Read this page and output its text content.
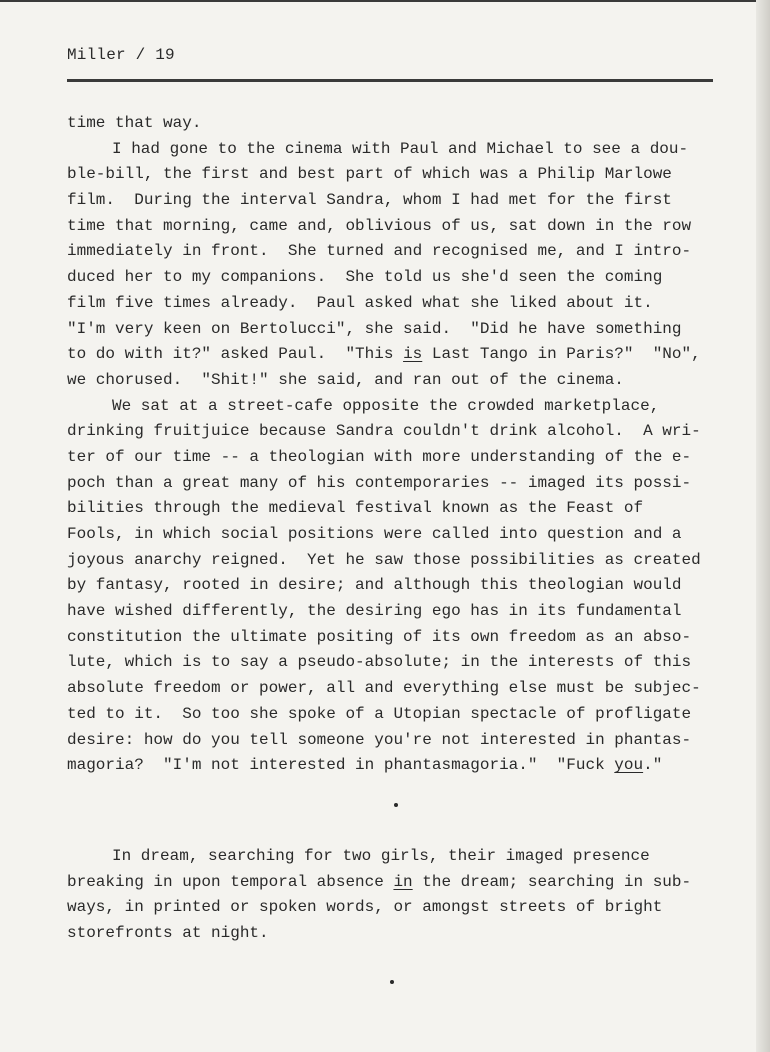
Miller / 19
time that way.
I had gone to the cinema with Paul and Michael to see a dou-
ble-bill, the first and best part of which was a Philip Marlowe
film.  During the interval Sandra, whom I had met for the first
time that morning, came and, oblivious of us, sat down in the row
immediately in front.  She turned and recognised me, and I intro-
duced her to my companions.  She told us she'd seen the coming
film five times already.  Paul asked what she liked about it.
"I'm very keen on Bertolucci", she said.  "Did he have something
to do with it?" asked Paul.  "This is Last Tango in Paris?"  "No",
we chorused.  "Shit!" she said, and ran out of the cinema.
We sat at a street-cafe opposite the crowded marketplace,
drinking fruitjuice because Sandra couldn't drink alcohol.  A wri-
ter of our time -- a theologian with more understanding of the e-
poch than a great many of his contemporaries -- imaged its possi-
bilities through the medieval festival known as the Feast of
Fools, in which social positions were called into question and a
joyous anarchy reigned.  Yet he saw those possibilities as created
by fantasy, rooted in desire; and although this theologian would
have wished differently, the desiring ego has in its fundamental
constitution the ultimate positing of its own freedom as an abso-
lute, which is to say a pseudo-absolute; in the interests of this
absolute freedom or power, all and everything else must be subjec-
ted to it.  So too she spoke of a Utopian spectacle of profligate
desire: how do you tell someone you're not interested in phantas-
magoria?  "I'm not interested in phantasmagoria."  "Fuck you."
In dream, searching for two girls, their imaged presence
breaking in upon temporal absence in the dream; searching in sub-
ways, in printed or spoken words, or amongst streets of bright
storefronts at night.
